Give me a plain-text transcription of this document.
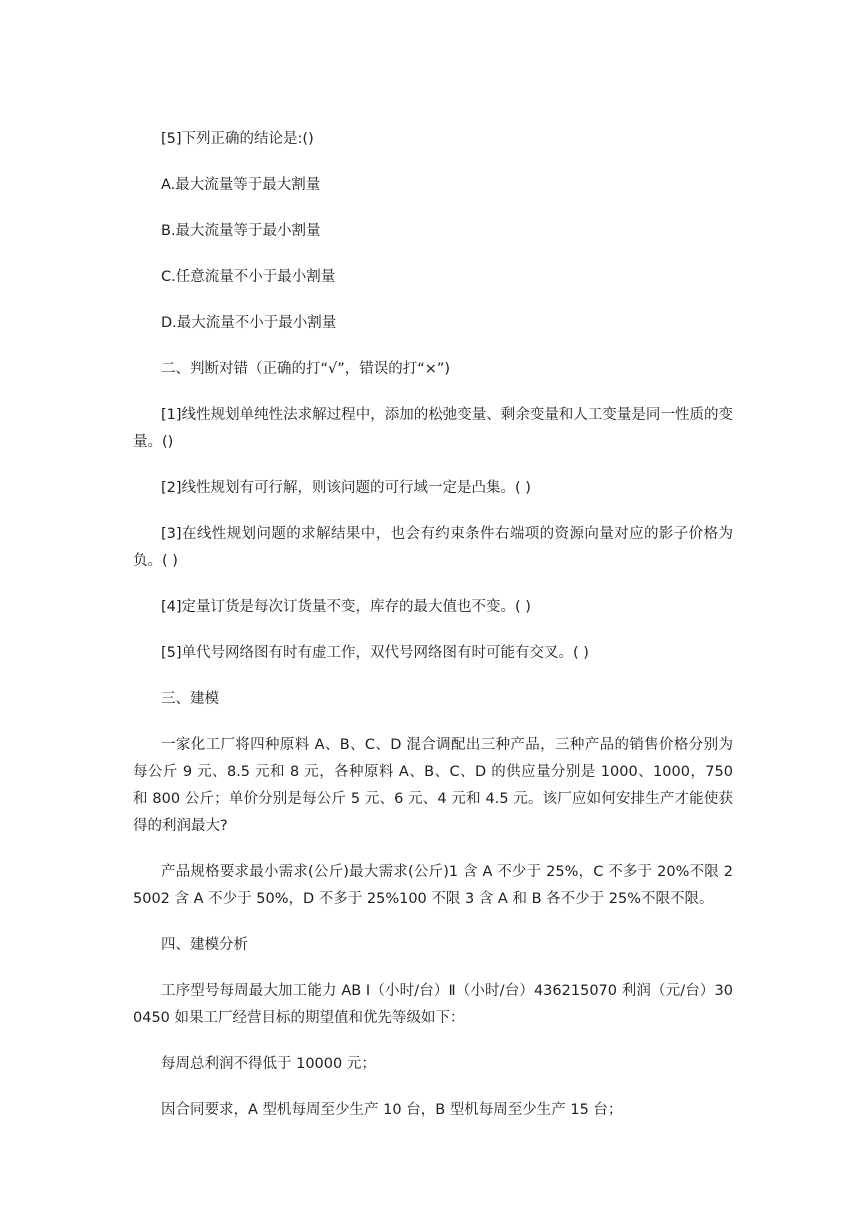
[5]下列正确的结论是:()

A.最大流量等于最大割量

B.最大流量等于最小割量

C.任意流量不小于最小割量

D.最大流量不小于最小割量

二、判断对错（正确的打“√”，错误的打“×”)

[1]线性规划单纯性法求解过程中，添加的松弛变量、剩余变量和人工变量是同一性质的变量。()

[2]线性规划有可行解，则该问题的可行域一定是凸集。( )

[3]在线性规划问题的求解结果中，也会有约束条件右端项的资源向量对应的影子价格为负。( )

[4]定量订货是每次订货量不变，库存的最大值也不变。( )

[5]单代号网络图有时有虚工作，双代号网络图有时可能有交叉。( )

三、建模

一家化工厂将四种原料 A、B、C、D 混合调配出三种产品，三种产品的销售价格分别为每公斤 9 元、8.5 元和 8 元，各种原料 A、B、C、D 的供应量分别是 1000、1000，750 和 800 公斤；单价分别是每公斤 5 元、6 元、4 元和 4.5 元。该厂应如何安排生产才能使获得的利润最大?

产品规格要求最小需求(公斤)最大需求(公斤)1 含 A 不少于 25%，C 不多于 20%不限 25002 含 A 不少于 50%，D 不多于 25%100 不限 3 含 A 和 B 各不少于 25%不限不限。

四、建模分析

工序型号每周最大加工能力 AB Ⅰ（小时/台）Ⅱ（小时/台）436215070 利润（元/台）300450 如果工厂经营目标的期望值和优先等级如下：

每周总利润不得低于 10000 元；

因合同要求，A 型机每周至少生产 10 台，B 型机每周至少生产 15 台；
